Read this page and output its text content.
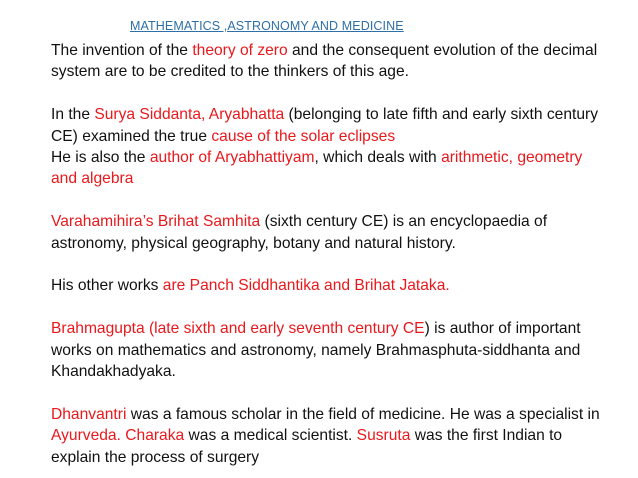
MATHEMATICS ,ASTRONOMY AND MEDICINE

The invention of the theory of zero and the consequent evolution of the decimal system are to be credited to the thinkers of this age.

In the Surya Siddanta, Aryabhatta (belonging to late fifth and early sixth century CE) examined the true cause of the solar eclipses

He is also the author of Aryabhattiyam, which deals with arithmetic, geometry and algebra

Varahamihira’s Brihat Samhita (sixth century CE) is an encyclopaedia of astronomy, physical geography, botany and natural history.

His other works are Panch Siddhantika and Brihat Jataka.

Brahmagupta (late sixth and early seventh century CE) is author of important works on mathematics and astronomy, namely Brahmasphuta-siddhanta and Khandakhadyaka.

Dhanvantri was a famous scholar in the field of medicine. He was a specialist in Ayurveda. Charaka was a medical scientist. Susruta was the first Indian to explain the process of surgery
